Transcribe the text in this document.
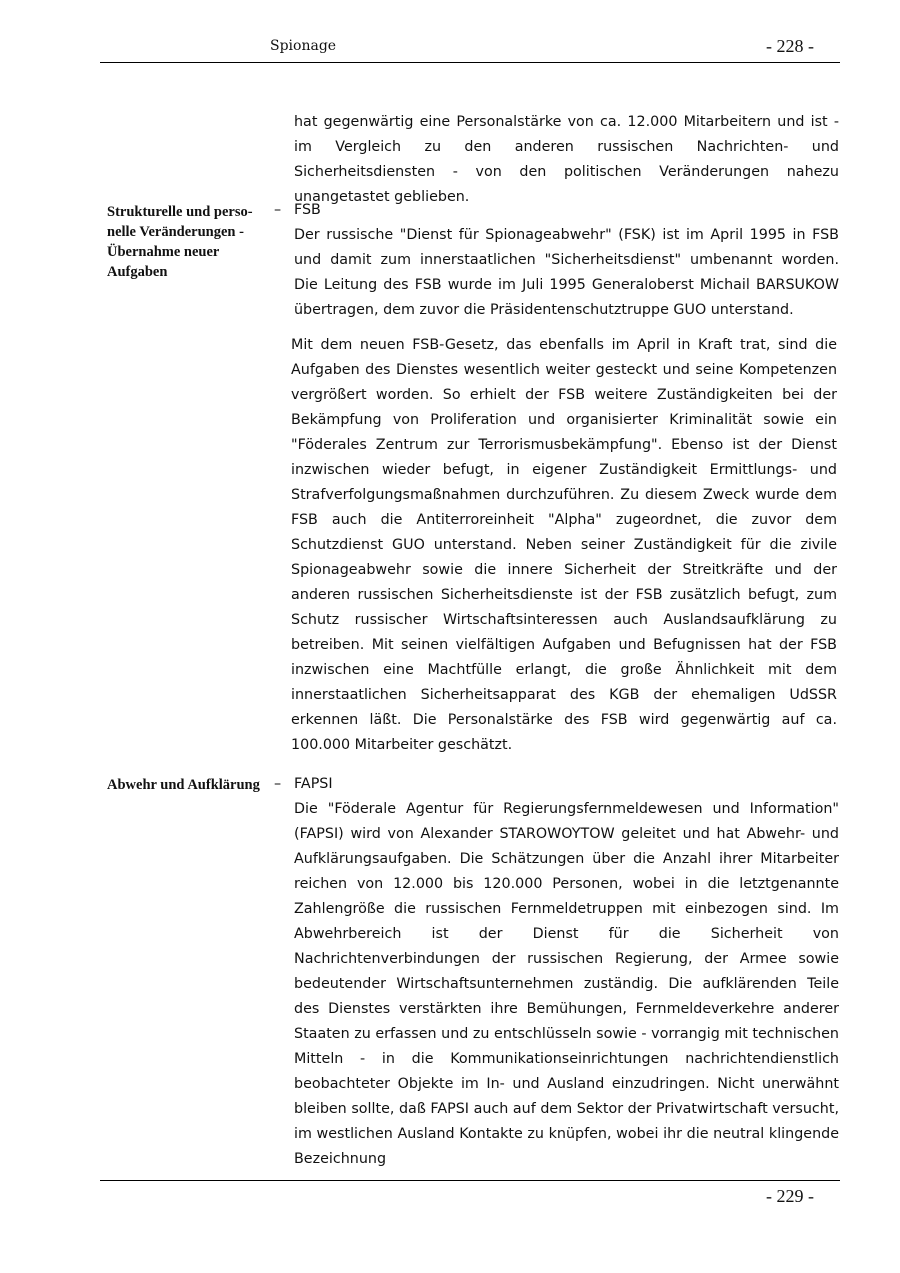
Spionage	- 228 -

hat gegenwärtig eine Personalstärke von ca. 12.000 Mitarbeitern und ist - im Vergleich zu den anderen russischen Nachrichten- und Sicherheitsdiensten - von den politischen Veränderungen nahezu unangetastet geblieben.

Strukturelle und perso-nelle Veränderungen - Übernahme neuer Aufgaben
– FSB

Der russische "Dienst für Spionageabwehr" (FSK) ist im April 1995 in FSB und damit zum innerstaatlichen "Sicherheitsdienst" umbenannt worden. Die Leitung des FSB wurde im Juli 1995 Generaloberst Michail BARSUKOW übertragen, dem zuvor die Präsidentenschutztruppe GUO unterstand.

Mit dem neuen FSB-Gesetz, das ebenfalls im April in Kraft trat, sind die Aufgaben des Dienstes wesentlich weiter gesteckt und seine Kompetenzen vergrößert worden. So erhielt der FSB weitere Zuständigkeiten bei der Bekämpfung von Proliferation und organisierter Kriminalität sowie ein "Föderales Zentrum zur Terrorismusbekämpfung". Ebenso ist der Dienst inzwischen wieder befugt, in eigener Zuständigkeit Ermittlungs- und Strafverfolgungsmaßnahmen durchzuführen. Zu diesem Zweck wurde dem FSB auch die Antiterroreinheit "Alpha" zugeordnet, die zuvor dem Schutzdienst GUO unterstand. Neben seiner Zuständigkeit für die zivile Spionageabwehr sowie die innere Sicherheit der Streitkräfte und der anderen russischen Sicherheitsdienste ist der FSB zusätzlich befugt, zum Schutz russischer Wirtschaftsinteressen auch Auslandsaufklärung zu betreiben. Mit seinen vielfältigen Aufgaben und Befugnissen hat der FSB inzwischen eine Machtfülle erlangt, die große Ähnlichkeit mit dem innerstaatlichen Sicherheitsapparat des KGB der ehemaligen UdSSR erkennen läßt. Die Personalstärke des FSB wird gegenwärtig auf ca. 100.000 Mitarbeiter geschätzt.

Abwehr und Aufklärung – FAPSI

Die "Föderale Agentur für Regierungsfernmeldewesen und Information" (FAPSI) wird von Alexander STAROWOYTOW geleitet und hat Abwehr- und Aufklärungsaufgaben. Die Schätzungen über die Anzahl ihrer Mitarbeiter reichen von 12.000 bis 120.000 Personen, wobei in die letztgenannte Zahlengröße die russischen Fernmeldetruppen mit einbezogen sind. Im Abwehrbereich ist der Dienst für die Sicherheit von Nachrichtenverbindungen der russischen Regierung, der Armee sowie bedeutender Wirtschaftsunternehmen zuständig. Die aufklärenden Teile des Dienstes verstärkten ihre Bemühungen, Fernmeldeverkehre anderer Staaten zu erfassen und zu entschlüsseln sowie - vorrangig mit technischen Mitteln - in die Kommunikationseinrichtungen nachrichtendienstlich beobachteter Objekte im In- und Ausland einzudringen. Nicht unerwähnt bleiben sollte, daß FAPSI auch auf dem Sektor der Privatwirtschaft versucht, im westlichen Ausland Kontakte zu knüpfen, wobei ihr die neutral klingende Bezeichnung

- 229 -
